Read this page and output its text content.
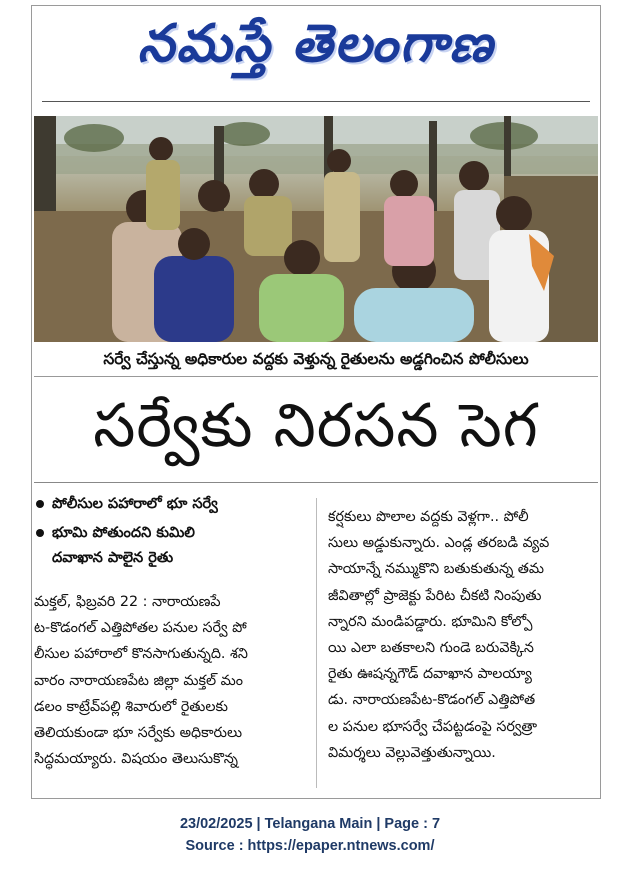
నమస్తే తెలంగాణ
సర్వే చేస్తున్న అధికారుల వద్దకు వెళ్తున్న రైతులను అడ్డగించిన పోలీసులు
సర్వేకు నిరసన సెగ
పోలీసుల పహారాలో భూ సర్వే
భూమి పోతుందని కుమిలి
దవాఖాన పాలైన రైతు
మక్తల్, ఫిబ్రవరి 22 : నారాయణపే
ట-కొడంగల్ ఎత్తిపోతల పనుల సర్వే పో
లీసుల పహారాలో కొనసాగుతున్నది. శని
వారం నారాయణపేట జిల్లా మక్తల్ మం
డలం కాట్రేవ్‌పల్లి శివారులో రైతులకు
తెలియకుండా భూ సర్వేకు అధికారులు
సిద్ధమయ్యారు. విషయం తెలుసుకొన్న
కర్షకులు పొలాల వద్దకు వెళ్లగా.. పోలీ
సులు అడ్డుకున్నారు. ఎండ్ల తరబడి వ్యవ
సాయాన్నే నమ్ముకొని బతుకుతున్న తమ
జీవితాల్లో ప్రాజెక్టు పేరిట చీకటి నింపుతు
న్నారని మండిపడ్డారు. భూమిని కోల్పో
యి ఎలా బతకాలని గుండె బరువెక్కిన
రైతు ఊషన్నగౌడ్ దవాఖాన పాలయ్యా
డు. నారాయణపేట-కొడంగల్ ఎత్తిపోత
ల పనుల భూసర్వే చేపట్టడంపై సర్వత్రా
విమర్శలు వెల్లువెత్తుతున్నాయి.
23/02/2025 | Telangana Main | Page : 7
Source : https://epaper.ntnews.com/
